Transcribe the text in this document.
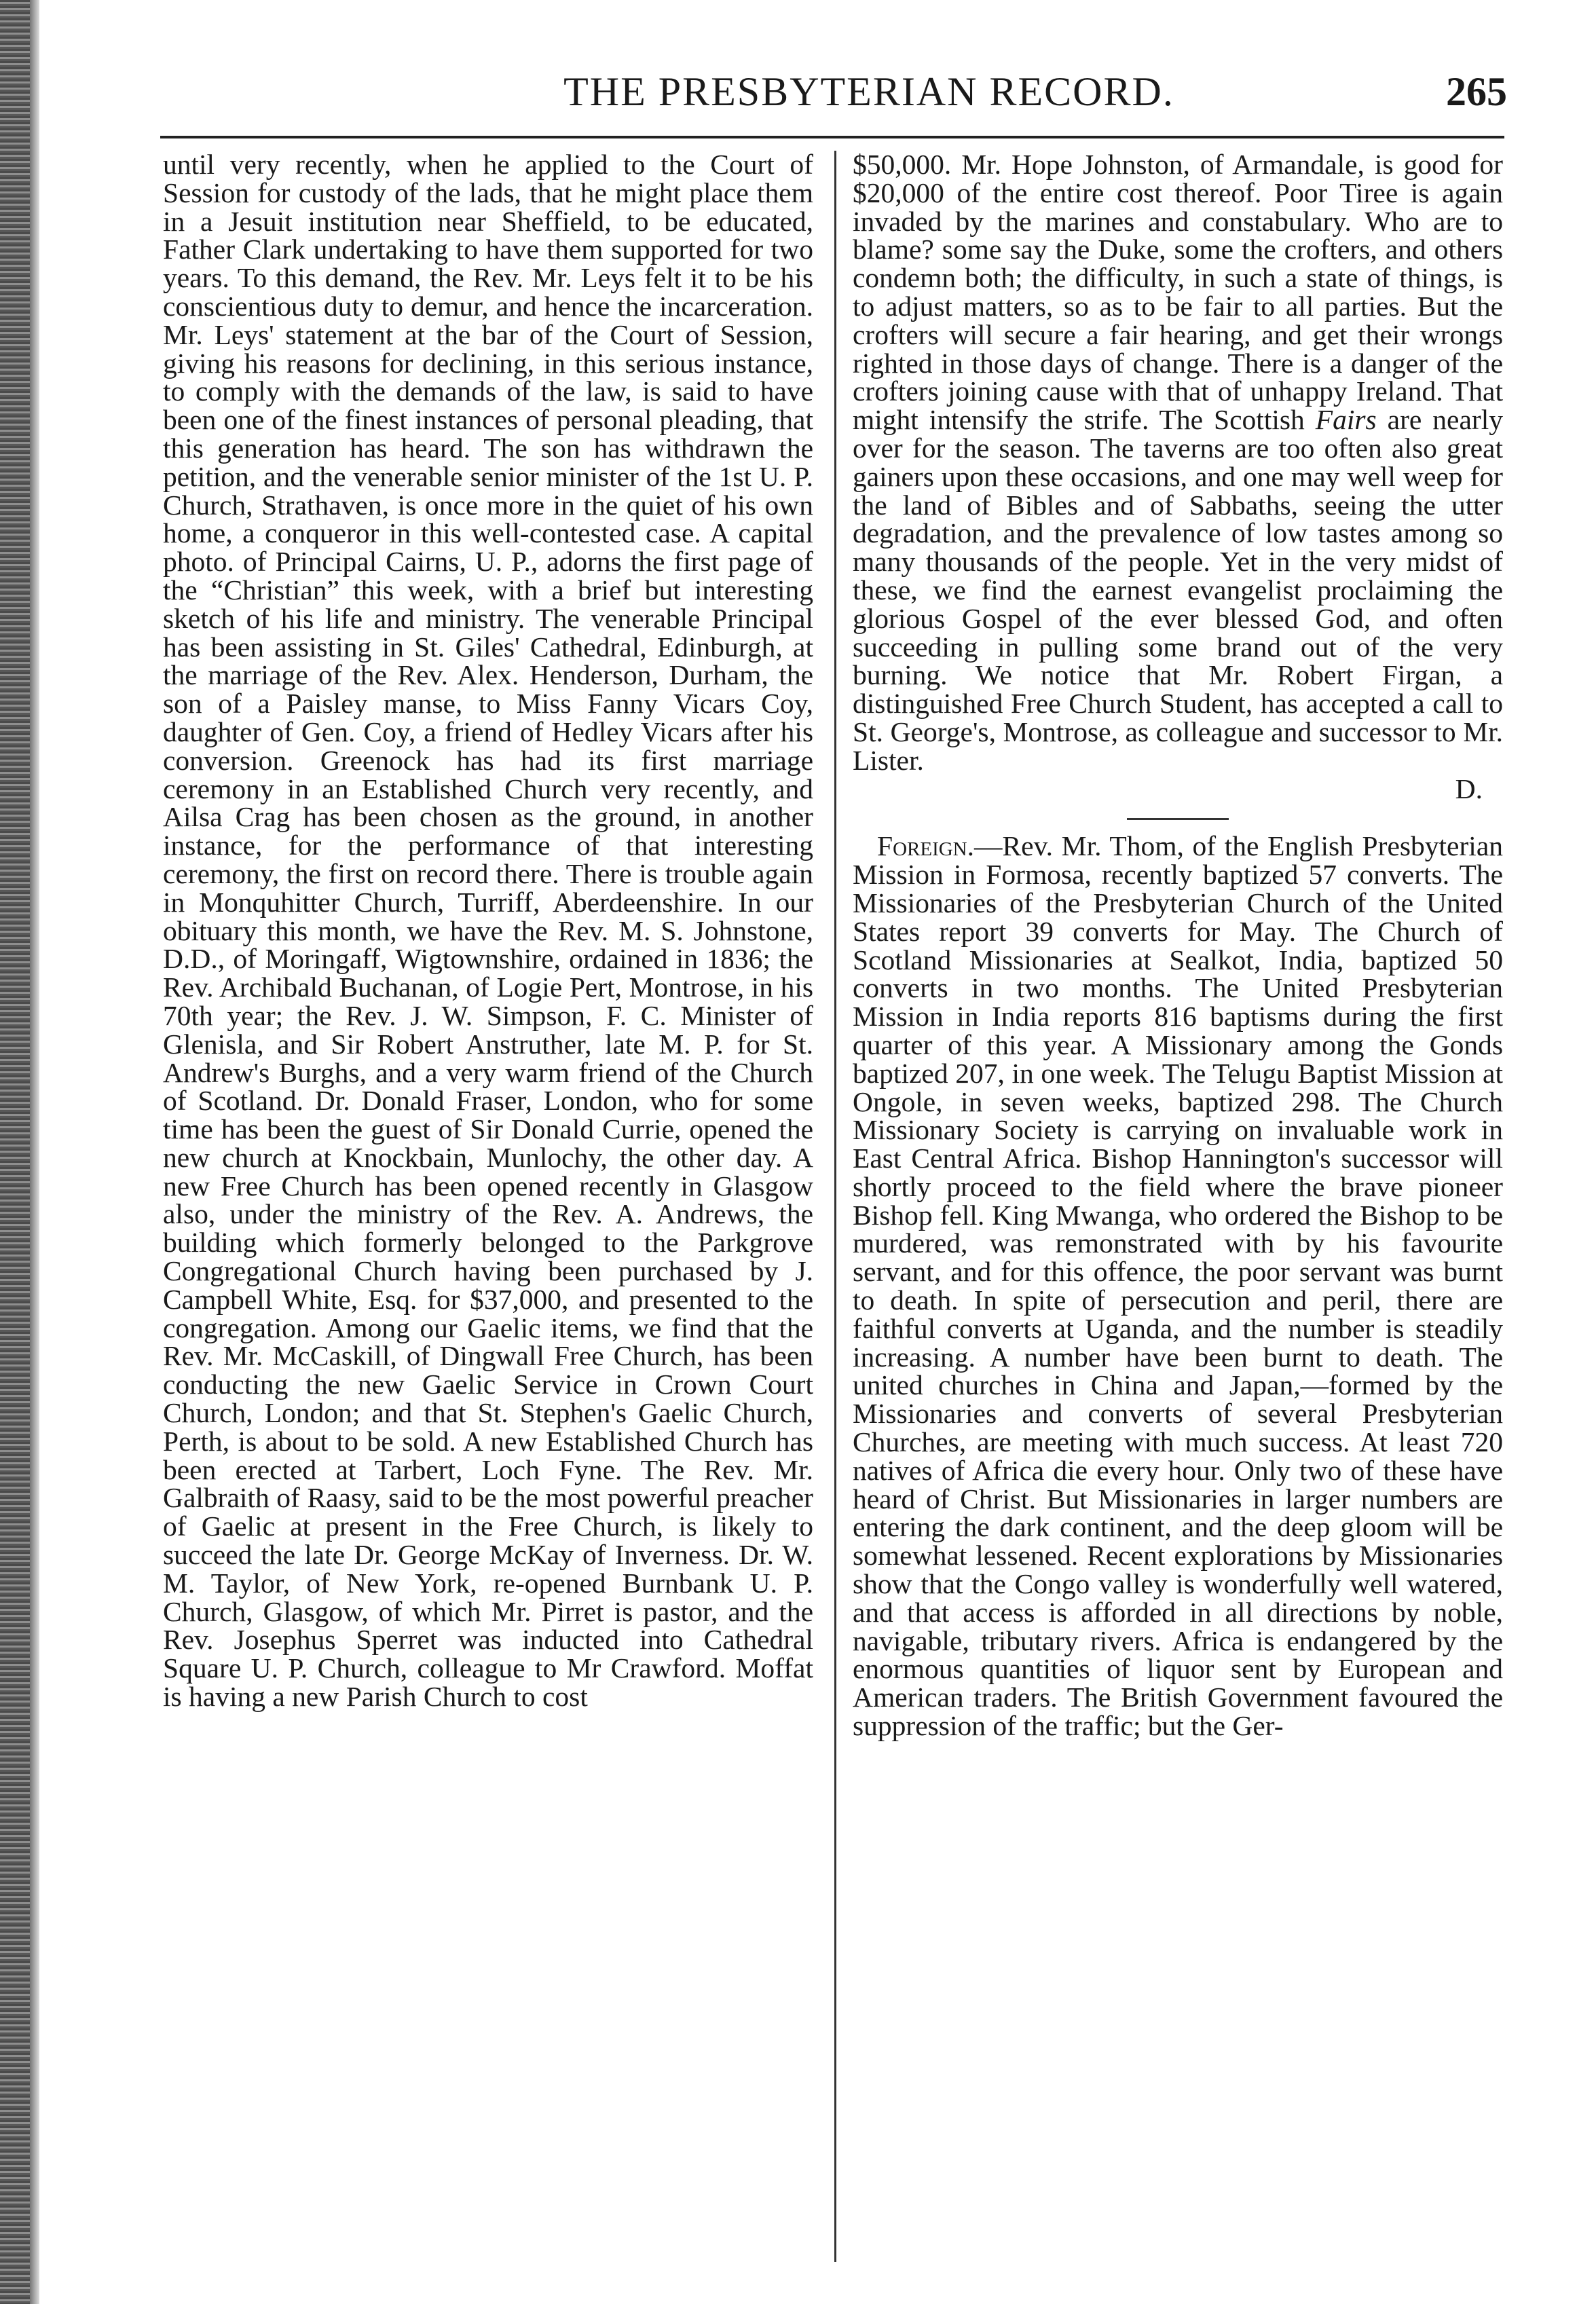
THE PRESBYTERIAN RECORD.	265

until very recently, when he applied to the Court of Session for custody of the lads, that he might place them in a Jesuit institution near Sheffield, to be educated, Father Clark undertaking to have them supported for two years. To this demand, the Rev. Mr. Leys felt it to be his conscientious duty to demur, and hence the incarceration. Mr. Leys' statement at the bar of the Court of Session, giving his reasons for declining, in this serious instance, to comply with the demands of the law, is said to have been one of the finest instances of personal pleading, that this generation has heard. The son has withdrawn the petition, and the venerable senior minister of the 1st U. P. Church, Strathaven, is once more in the quiet of his own home, a conqueror in this well-contested case. A capital photo. of Principal Cairns, U. P., adorns the first page of the “Christian” this week, with a brief but interesting sketch of his life and ministry. The venerable Principal has been assisting in St. Giles' Cathedral, Edinburgh, at the marriage of the Rev. Alex. Henderson, Durham, the son of a Paisley manse, to Miss Fanny Vicars Coy, daughter of Gen. Coy, a friend of Hedley Vicars after his conversion. Greenock has had its first marriage ceremony in an Established Church very recently, and Ailsa Crag has been chosen as the ground, in another instance, for the performance of that interesting ceremony, the first on record there. There is trouble again in Monquhitter Church, Turriff, Aberdeenshire. In our obituary this month, we have the Rev. M. S. Johnstone, D.D., of Moringaff, Wigtownshire, ordained in 1836; the Rev. Archibald Buchanan, of Logie Pert, Montrose, in his 70th year; the Rev. J. W. Simpson, F. C. Minister of Glenisla, and Sir Robert Anstruther, late M. P. for St. Andrew's Burghs, and a very warm friend of the Church of Scotland. Dr. Donald Fraser, London, who for some time has been the guest of Sir Donald Currie, opened the new church at Knockbain, Munlochy, the other day. A new Free Church has been opened recently in Glasgow also, under the ministry of the Rev. A. Andrews, the building which formerly belonged to the Parkgrove Congregational Church having been purchased by J. Campbell White, Esq. for $37,000, and presented to the congregation. Among our Gaelic items, we find that the Rev. Mr. McCaskill, of Dingwall Free Church, has been conducting the new Gaelic Service in Crown Court Church, London; and that St. Stephen's Gaelic Church, Perth, is about to be sold. A new Established Church has been erected at Tarbert, Loch Fyne. The Rev. Mr. Galbraith of Raasy, said to be the most powerful preacher of Gaelic at present in the Free Church, is likely to succeed the late Dr. George McKay of Inverness. Dr. W. M. Taylor, of New York, re-opened Burnbank U. P. Church, Glasgow, of which Mr. Pirret is pastor, and the Rev. Josephus Sperret was inducted into Cathedral Square U. P. Church, colleague to Mr Crawford. Moffat is having a new Parish Church to cost

$50,000. Mr. Hope Johnston, of Armandale, is good for $20,000 of the entire cost thereof. Poor Tiree is again invaded by the marines and constabulary. Who are to blame? some say the Duke, some the crofters, and others condemn both; the difficulty, in such a state of things, is to adjust matters, so as to be fair to all parties. But the crofters will secure a fair hearing, and get their wrongs righted in those days of change. There is a danger of the crofters joining cause with that of unhappy Ireland. That might intensify the strife. The Scottish Fairs are nearly over for the season. The taverns are too often also great gainers upon these occasions, and one may well weep for the land of Bibles and of Sabbaths, seeing the utter degradation, and the prevalence of low tastes among so many thousands of the people. Yet in the very midst of these, we find the earnest evangelist proclaiming the glorious Gospel of the ever blessed God, and often succeeding in pulling some brand out of the very burning. We notice that Mr. Robert Firgan, a distinguished Free Church Student, has accepted a call to St. George's, Montrose, as colleague and successor to Mr. Lister.

D.

Foreign.—Rev. Mr. Thom, of the English Presbyterian Mission in Formosa, recently baptized 57 converts. The Missionaries of the Presbyterian Church of the United States report 39 converts for May. The Church of Scotland Missionaries at Sealkot, India, baptized 50 converts in two months. The United Presbyterian Mission in India reports 816 baptisms during the first quarter of this year. A Missionary among the Gonds baptized 207, in one week. The Telugu Baptist Mission at Ongole, in seven weeks, baptized 298. The Church Missionary Society is carrying on invaluable work in East Central Africa. Bishop Hannington's successor will shortly proceed to the field where the brave pioneer Bishop fell. King Mwanga, who ordered the Bishop to be murdered, was remonstrated with by his favourite servant, and for this offence, the poor servant was burnt to death. In spite of persecution and peril, there are faithful converts at Uganda, and the number is steadily increasing. A number have been burnt to death. The united churches in China and Japan,—formed by the Missionaries and converts of several Presbyterian Churches, are meeting with much success. At least 720 natives of Africa die every hour. Only two of these have heard of Christ. But Missionaries in larger numbers are entering the dark continent, and the deep gloom will be somewhat lessened. Recent explorations by Missionaries show that the Congo valley is wonderfully well watered, and that access is afforded in all directions by noble, navigable, tributary rivers. Africa is endangered by the enormous quantities of liquor sent by European and American traders. The British Government favoured the suppression of the traffic; but the Ger-
